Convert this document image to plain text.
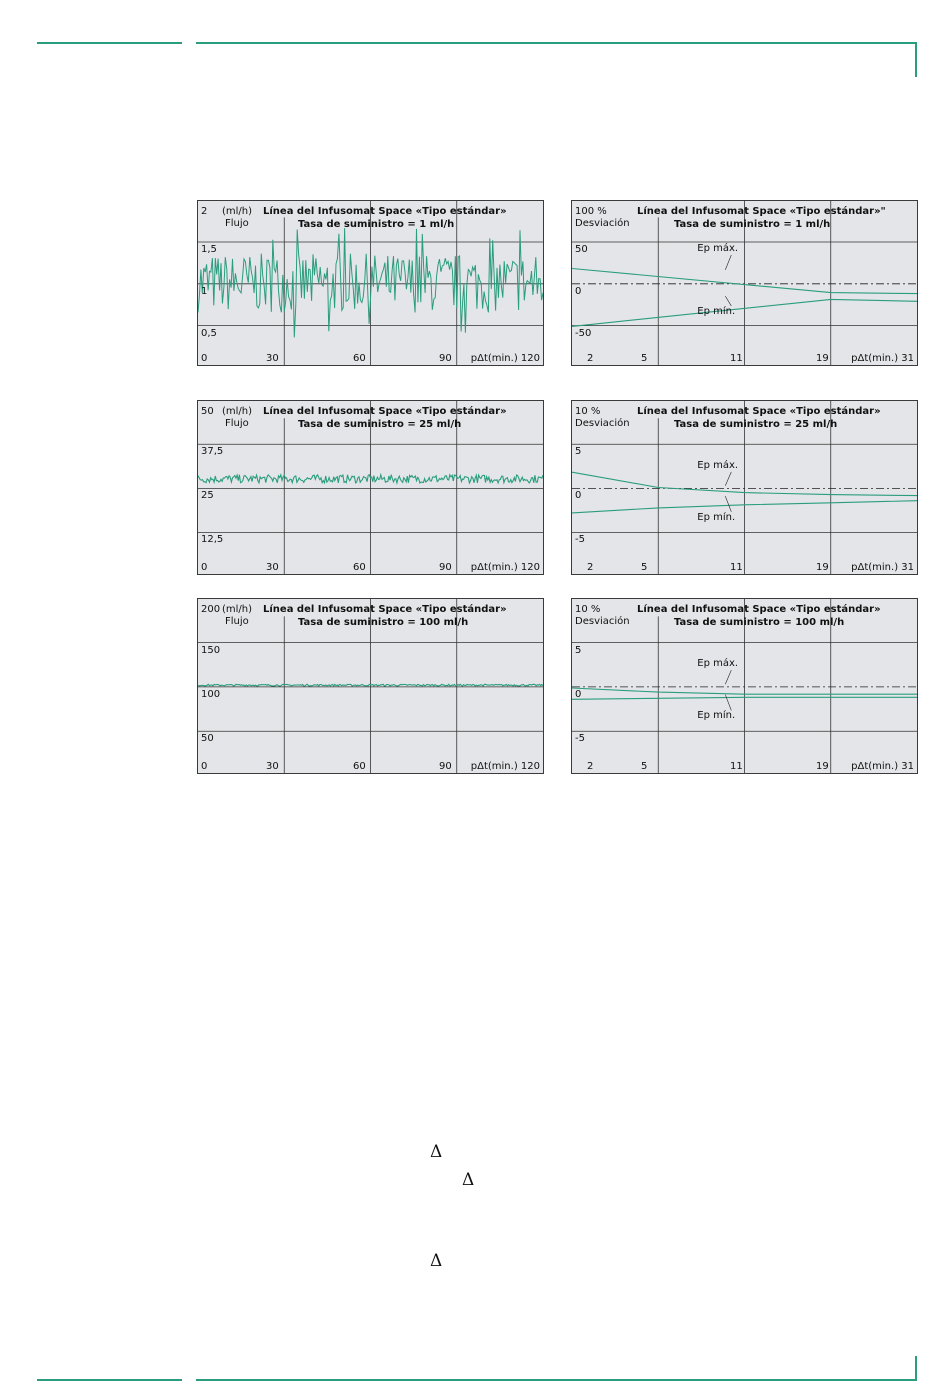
2 (ml/h)
Flujo
Línea del Infusomat Space «Tipo estándar»
Tasa de suministro = 1 ml/h
1,5
1
0,5
0	30	60	90 pΔt(min.) 120
100 %
Desviación
Línea del Infusomat Space «Tipo estándar»"
Tasa de suministro = 1 ml/h
50
0
-50
2	5	11	19 pΔt(min.) 31
Ep máx.
Ep mín.
50 (ml/h)
Flujo
Línea del Infusomat Space «Tipo estándar»
Tasa de suministro = 25 ml/h
37,5
25
12,5
0	30	60	90 pΔt(min.) 120
10 %
Desviación
Línea del Infusomat Space «Tipo estándar»
Tasa de suministro = 25 ml/h
5
0
-5
2	5	11	19 pΔt(min.) 31
Ep máx.
Ep mín.
200 (ml/h)
Flujo
Línea del Infusomat Space «Tipo estándar»
Tasa de suministro = 100 ml/h
150
100
50
0	30	60	90 pΔt(min.) 120
10 %
Desviación
Línea del Infusomat Space «Tipo estándar»
Tasa de suministro = 100 ml/h
5
0
-5
2	5	11	19 pΔt(min.) 31
Ep máx.
Ep mín.
Δ
Δ
Δ
